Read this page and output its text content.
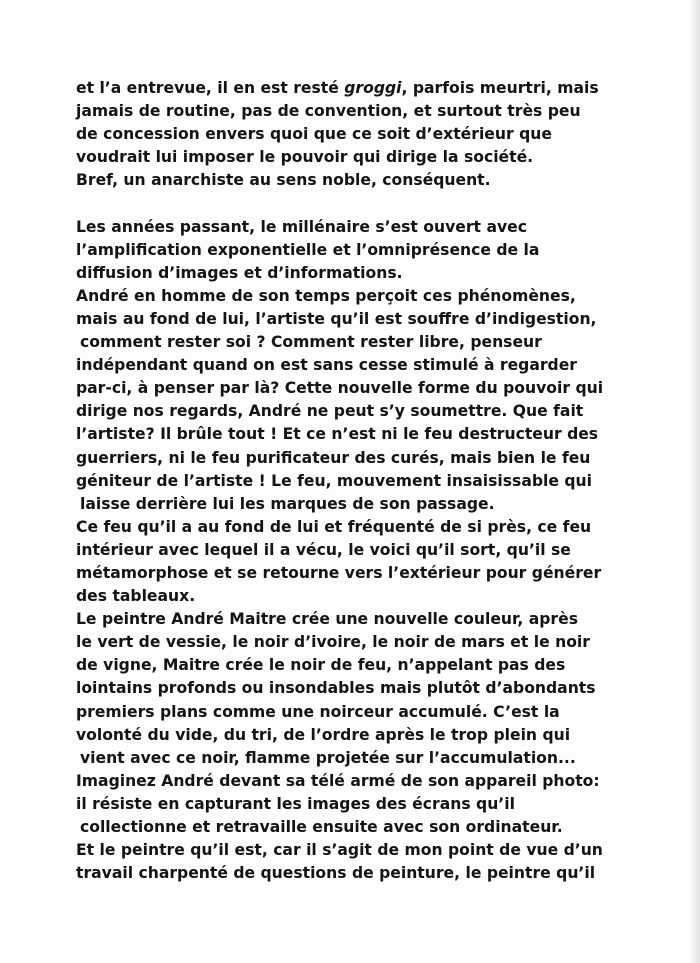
et l’a entrevue, il en est resté groggi, parfois meurtri, mais
jamais de routine, pas de convention, et surtout très peu
de concession envers quoi que ce soit d’extérieur que
voudrait lui imposer le pouvoir qui dirige la société.
Bref, un anarchiste au sens noble, conséquent.
Les années passant, le millénaire s’est ouvert avec
l’amplification exponentielle et l’omniprésence de la
diffusion d’images et d’informations.
André en homme de son temps perçoit ces phénomènes,
mais au fond de lui, l’artiste qu’il est souffre d’indigestion,
comment rester soi ? Comment rester libre, penseur
indépendant quand on est sans cesse stimulé à regarder
par-ci, à penser par là? Cette nouvelle forme du pouvoir qui
dirige nos regards, André ne peut s’y soumettre. Que fait
l’artiste? Il brûle tout ! Et ce n’est ni le feu destructeur des
guerriers, ni le feu purificateur des curés, mais bien le feu
géniteur de l’artiste ! Le feu, mouvement insaisissable qui
laisse derrière lui les marques de son passage.
Ce feu qu’il a au fond de lui et fréquenté de si près, ce feu
intérieur avec lequel il a vécu, le voici qu’il sort, qu’il se
métamorphose et se retourne vers l’extérieur pour générer
des tableaux.
Le peintre André Maitre crée une nouvelle couleur, après
le vert de vessie, le noir d’ivoire, le noir de mars et le noir
de vigne, Maitre crée le noir de feu, n’appelant pas des
lointains profonds ou insondables mais plutôt d’abondants
premiers plans comme une noirceur accumulé. C’est la
volonté du vide, du tri, de l’ordre après le trop plein qui
vient avec ce noir, flamme projetée sur l’accumulation...
Imaginez André devant sa télé armé de son appareil photo:
il résiste en capturant les images des écrans qu’il
collectionne et retravaille ensuite avec son ordinateur.
Et le peintre qu’il est, car il s’agit de mon point de vue d’un
travail charpenté de questions de peinture, le peintre qu’il
